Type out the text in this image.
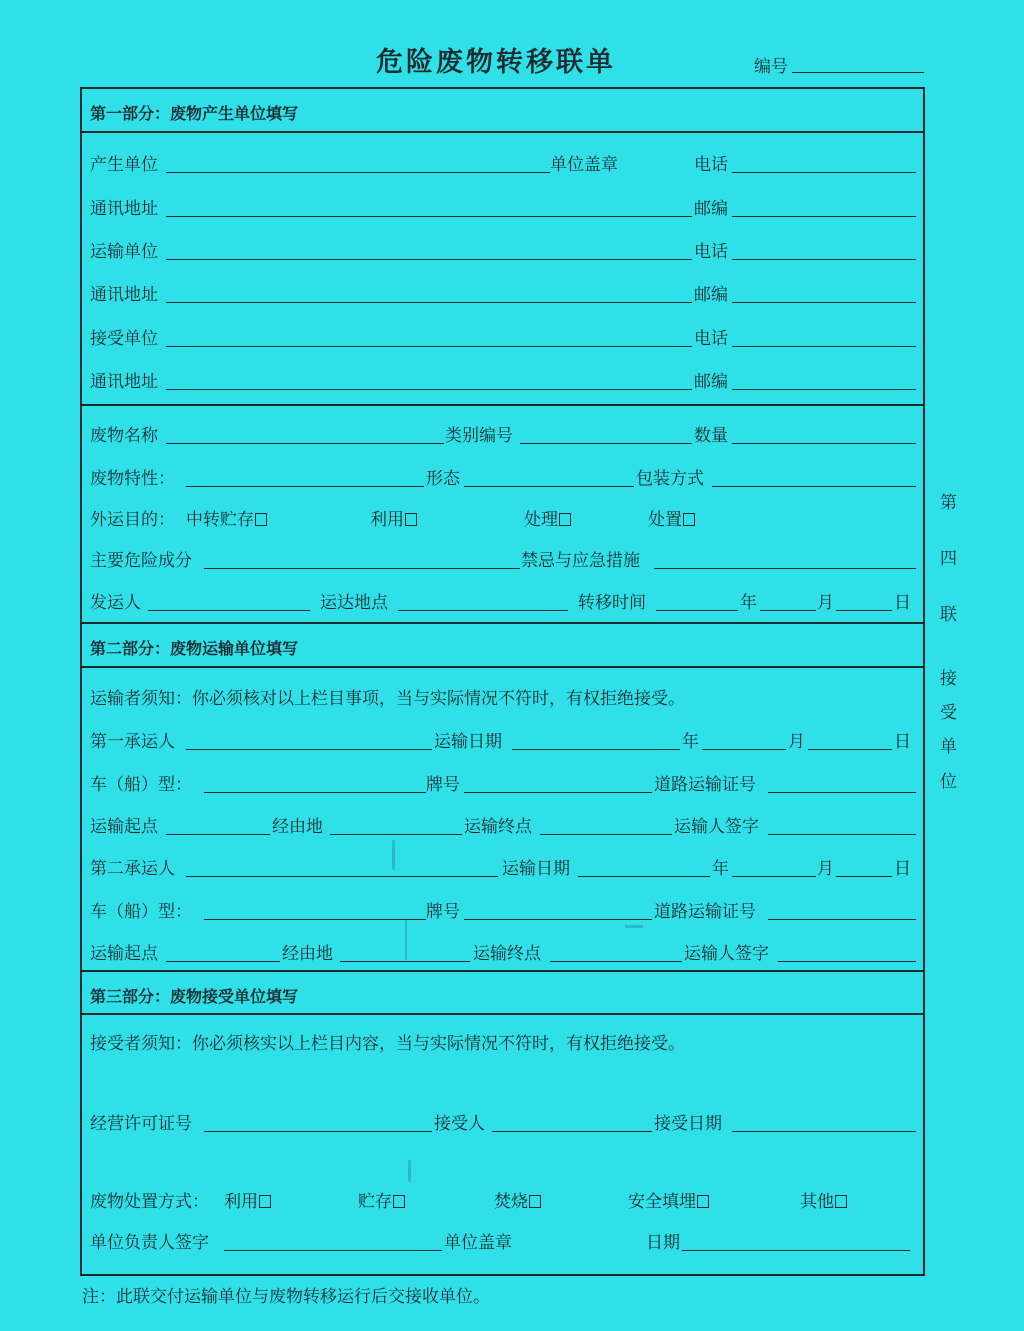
危险废物转移联单	编号
第一部分：废物产生单位填写
产生单位	单位盖章	电话
通讯地址	邮编
运输单位	电话
通讯地址	邮编
接受单位	电话
通讯地址	邮编
废物名称	类别编号	数量
废物特性：	形态	包装方式
外运目的： 中转贮存	利用	处理	处置
主要危险成分	禁忌与应急措施
发运人	运达地点	转移时间	年	月	日
第二部分：废物运输单位填写
运输者须知：你必须核对以上栏目事项，当与实际情况不符时，有权拒绝接受。
第一承运人	运输日期	年	月	日
车（船）型：	牌号	道路运输证号
运输起点	经由地	运输终点	运输人签字
第二承运人	运输日期	年	月	日
车（船）型：	牌号	道路运输证号
运输起点	经由地	运输终点	运输人签字
第三部分：废物接受单位填写
接受者须知：你必须核实以上栏目内容，当与实际情况不符时，有权拒绝接受。
经营许可证号	接受人	接受日期
废物处置方式： 利用	贮存	焚烧	安全填埋	其他
单位负责人签字	单位盖章	日期
第
四
联
接
受
单
位
注：此联交付运输单位与废物转移运行后交接收单位。
